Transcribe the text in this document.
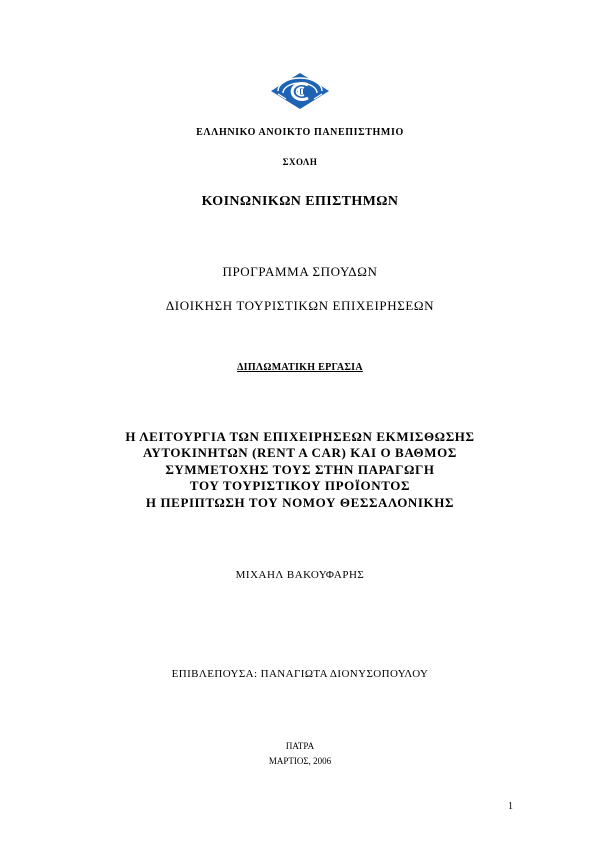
ΕΛΛΗΝΙΚΟ ΑΝΟΙΚΤΟ ΠΑΝΕΠΙΣΤΗΜΙΟ
ΣΧΟΛΗ
ΚΟΙΝΩΝΙΚΩΝ ΕΠΙΣΤΗΜΩΝ
ΠΡΟΓΡΑΜΜΑ ΣΠΟΥΔΩΝ
ΔΙΟΙΚΗΣΗ ΤΟΥΡΙΣΤΙΚΩΝ ΕΠΙΧΕΙΡΗΣΕΩΝ
ΔΙΠΛΩΜΑΤΙΚΗ ΕΡΓΑΣΙΑ
Η ΛΕΙΤΟΥΡΓΙΑ ΤΩΝ ΕΠΙΧΕΙΡΗΣΕΩΝ ΕΚΜΙΣΘΩΣΗΣ
ΑΥΤΟΚΙΝΗΤΩΝ (RENT A CAR) ΚΑΙ Ο ΒΑΘΜΟΣ
ΣΥΜΜΕΤΟΧΗΣ ΤΟΥΣ ΣΤΗΝ ΠΑΡΑΓΩΓΗ
ΤΟΥ ΤΟΥΡΙΣΤΙΚΟΥ ΠΡΟΪΟΝΤΟΣ
Η ΠΕΡΙΠΤΩΣΗ ΤΟΥ ΝΟΜΟΥ ΘΕΣΣΑΛΟΝΙΚΗΣ
ΜΙΧΑΗΛ ΒΑΚΟΥΦΑΡΗΣ
ΕΠΙΒΛΕΠΟΥΣΑ: ΠΑΝΑΓΙΩΤΑ ΔΙΟΝΥΣΟΠΟΥΛΟΥ
ΠΑΤΡΑ
ΜΑΡΤΙΟΣ, 2006
1
